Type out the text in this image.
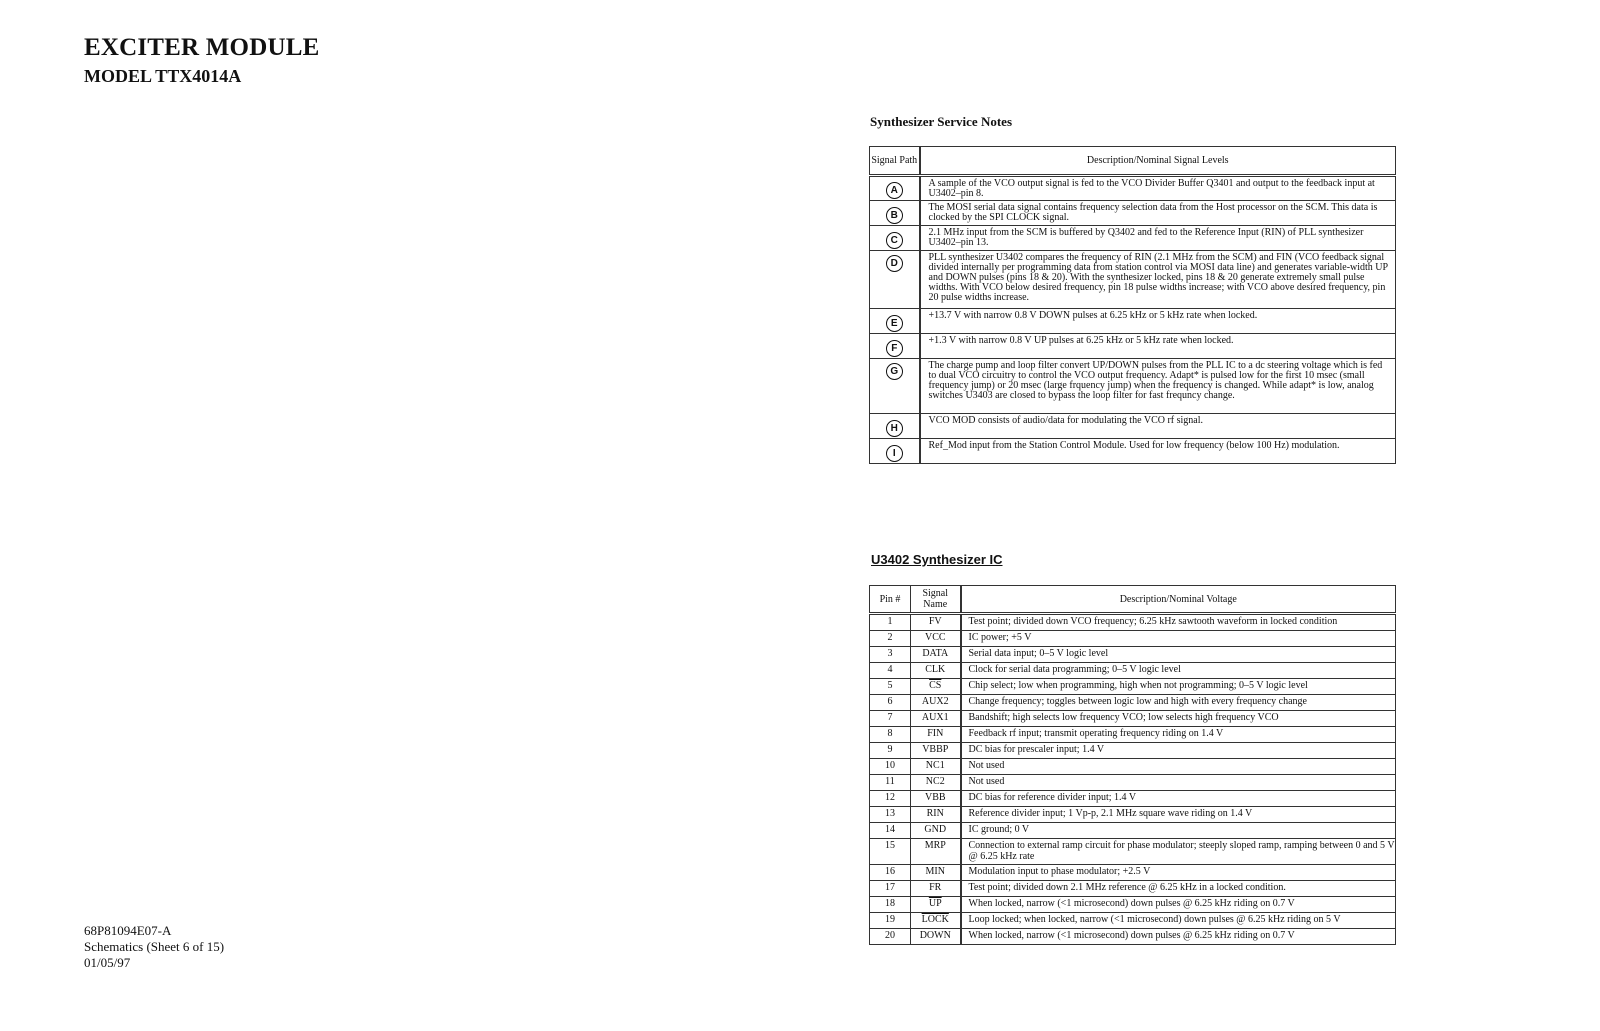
EXCITER MODULE
MODEL TTX4014A
Synthesizer Service Notes
Signal Path	Description/Nominal Signal Levels
A	A sample of the VCO output signal is fed to the VCO Divider Buffer Q3401 and output to the feedback input at U3402–pin 8.
B	The MOSI serial data signal contains frequency selection data from the Host processor on the SCM. This data is clocked by the SPI CLOCK signal.
C	2.1 MHz input from the SCM is buffered by Q3402 and fed to the Reference Input (RIN) of PLL synthesizer U3402–pin 13.
D	PLL synthesizer U3402 compares the frequency of RIN (2.1 MHz from the SCM) and FIN (VCO feedback signal divided internally per programming data from station control via MOSI data line) and generates variable-width UP and DOWN pulses (pins 18 & 20). With the synthesizer locked, pins 18 & 20 generate extremely small pulse widths. With VCO below desired frequency, pin 18 pulse widths increase; with VCO above desired frequency, pin 20 pulse widths increase.
E	+13.7 V with narrow 0.8 V DOWN pulses at 6.25 kHz or 5 kHz rate when locked.
F	+1.3 V with narrow 0.8 V UP pulses at 6.25 kHz or 5 kHz rate when locked.
G	The charge pump and loop filter convert UP/DOWN pulses from the PLL IC to a dc steering voltage which is fed to dual VCO circuitry to control the VCO output frequency. Adapt* is pulsed low for the first 10 msec (small frequency jump) or 20 msec (large frquency jump) when the frequency is changed. While adapt* is low, analog switches U3403 are closed to bypass the loop filter for fast frequncy change.
H	VCO MOD consists of audio/data for modulating the VCO rf signal.
I	Ref_Mod input from the Station Control Module. Used for low frequency (below 100 Hz) modulation.
U3402 Synthesizer IC
Pin #	Signal Name	Description/Nominal Voltage
1	FV	Test point; divided down VCO frequency; 6.25 kHz sawtooth waveform in locked condition
2	VCC	IC power; +5 V
3	DATA	Serial data input; 0–5 V logic level
4	CLK	Clock for serial data programming; 0–5 V logic level
5	$\overline{CS}$	Chip select; low when programming, high when not programming; 0–5 V logic level
6	AUX2	Change frequency; toggles between logic low and high with every frequency change
7	AUX1	Bandshift; high selects low frequency VCO; low selects high frequency VCO
8	FIN	Feedback rf input; transmit operating frequency riding on 1.4 V
9	VBBP	DC bias for prescaler input; 1.4 V
10	NC1	Not used
11	NC2	Not used
12	VBB	DC bias for reference divider input; 1.4 V
13	RIN	Reference divider input; 1 Vp-p, 2.1 MHz square wave riding on 1.4 V
14	GND	IC ground; 0 V
15	MRP	Connection to external ramp circuit for phase modulator; steeply sloped ramp, ramping between 0 and 5 V @ 6.25 kHz rate
16	MIN	Modulation input to phase modulator; +2.5 V
17	FR	Test point; divided down 2.1 MHz reference @ 6.25 kHz in a locked condition.
18	$\overline{UP}$	When locked, narrow (<1 microsecond) down pulses @ 6.25 kHz riding on 0.7 V
19	LOCK	Loop locked; when locked, narrow (<1 microsecond) down pulses @ 6.25 kHz riding on 5 V
20	DOWN	When locked, narrow (<1 microsecond) down pulses @ 6.25 kHz riding on 0.7 V
68P81094E07-A
Schematics (Sheet 6 of 15)
01/05/97
